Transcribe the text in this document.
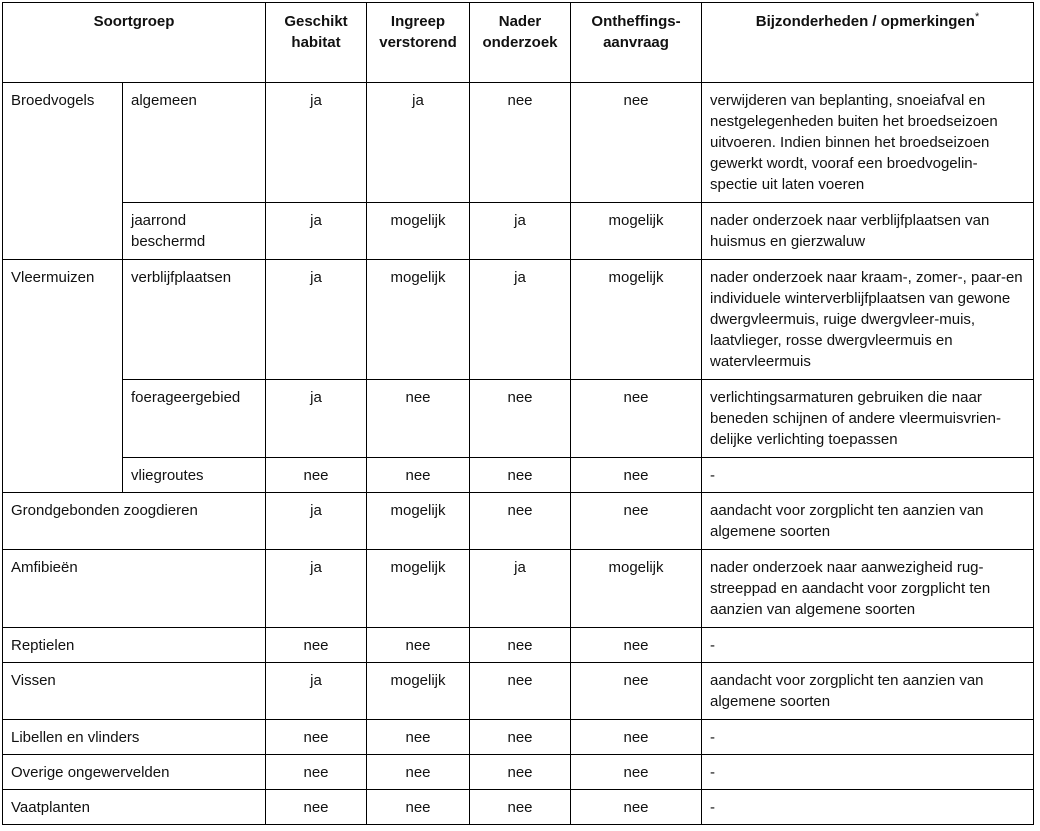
Soortgroep		Geschikt habitat	Ingreep verstorend	Nader onderzoek	Ontheffings-aanvraag	Bijzonderheden / opmerkingen*
Broedvogels	algemeen	ja	ja	nee	nee	verwijderen van beplanting, snoeiafval en nestgelegenheden buiten het broedseizoen uitvoeren. Indien binnen het broedseizoen gewerkt wordt, vooraf een broedvogelin-spectie uit laten voeren
	jaarrond beschermd	ja	mogelijk	ja	mogelijk	nader onderzoek naar verblijfplaatsen van huismus en gierzwaluw
Vleermuizen	verblijfplaatsen	ja	mogelijk	ja	mogelijk	nader onderzoek naar kraam-, zomer-, paar-en individuele winterverblijfplaatsen van gewone dwergvleermuis, ruige dwergvleer-muis, laatvlieger, rosse dwergvleermuis en watervleermuis
	foerageergebied	ja	nee	nee	nee	verlichtingsarmaturen gebruiken die naar beneden schijnen of andere vleermuisvrien-delijke verlichting toepassen
	vliegroutes	nee	nee	nee	nee	-
Grondgebonden zoogdieren		ja	mogelijk	nee	nee	aandacht voor zorgplicht ten aanzien van algemene soorten
Amfibieën		ja	mogelijk	ja	mogelijk	nader onderzoek naar aanwezigheid rug-streeppad en aandacht voor zorgplicht ten aanzien van algemene soorten
Reptielen		nee	nee	nee	nee	-
Vissen		ja	mogelijk	nee	nee	aandacht voor zorgplicht ten aanzien van algemene soorten
Libellen en vlinders		nee	nee	nee	nee	-
Overige ongewervelden		nee	nee	nee	nee	-
Vaatplanten		nee	nee	nee	nee	-
